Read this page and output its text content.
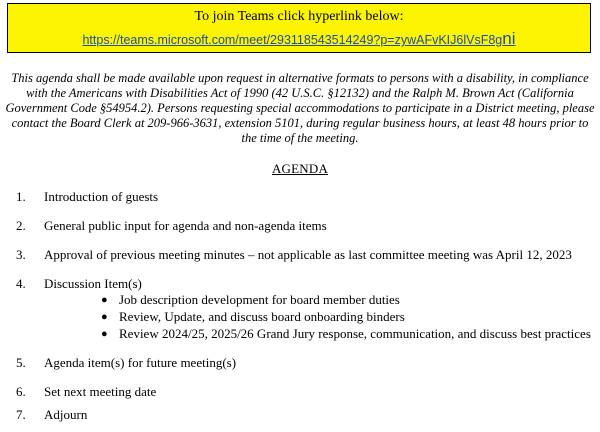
To join Teams click hyperlink below:
https://teams.microsoft.com/meet/293118543514249?p=zywAFvKIJ6lVsF8gni
This agenda shall be made available upon request in alternative formats to persons with a disability, in compliance with the Americans with Disabilities Act of 1990 (42 U.S.C. §12132) and the Ralph M. Brown Act (California Government Code §54954.2). Persons requesting special accommodations to participate in a District meeting, please contact the Board Clerk at 209-966-3631, extension 5101, during regular business hours, at least 48 hours prior to the time of the meeting.
AGENDA
1. Introduction of guests
2. General public input for agenda and non-agenda items
3. Approval of previous meeting minutes – not applicable as last committee meeting was April 12, 2023
4. Discussion Item(s)
● Job description development for board member duties
● Review, Update, and discuss board onboarding binders
● Review 2024/25, 2025/26 Grand Jury response, communication, and discuss best practices
5. Agenda item(s) for future meeting(s)
6. Set next meeting date
7. Adjourn
